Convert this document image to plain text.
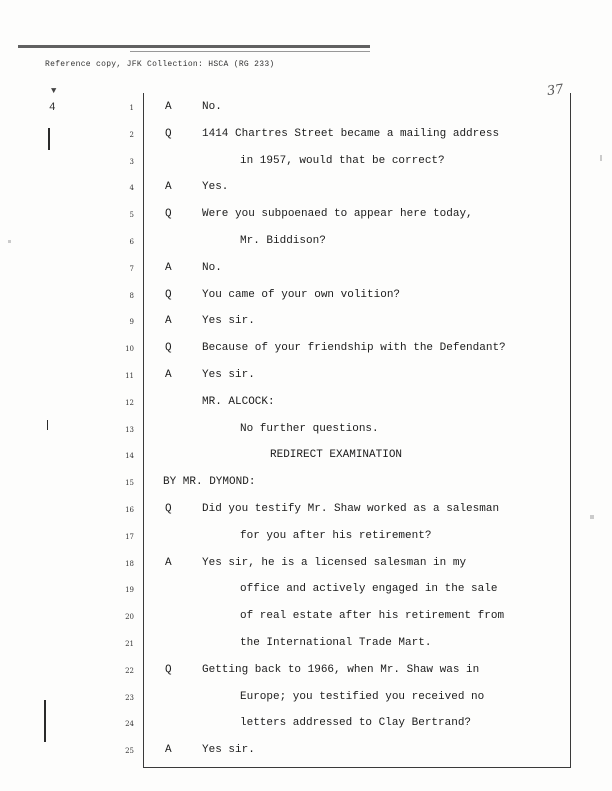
Reference copy, JFK Collection: HSCA (RG 233)
37
▼
4	1	A	No.
2	Q	1414 Chartres Street became a mailing address
3	in 1957, would that be correct?
4	A	Yes.
5	Q	Were you subpoenaed to appear here today,
6	Mr. Biddison?
7	A	No.
8	Q	You came of your own volition?
9	A	Yes sir.
10	Q	Because of your friendship with the Defendant?
11	A	Yes sir.
12	MR. ALCOCK:
13	No further questions.
14	REDIRECT EXAMINATION
15	BY MR. DYMOND:
16	Q	Did you testify Mr. Shaw worked as a salesman
17	for you after his retirement?
18	A	Yes sir, he is a licensed salesman in my
19	office and actively engaged in the sale
20	of real estate after his retirement from
21	the International Trade Mart.
22	Q	Getting back to 1966, when Mr. Shaw was in
23	Europe; you testified you received no
24	letters addressed to Clay Bertrand?
25	A	Yes sir.
